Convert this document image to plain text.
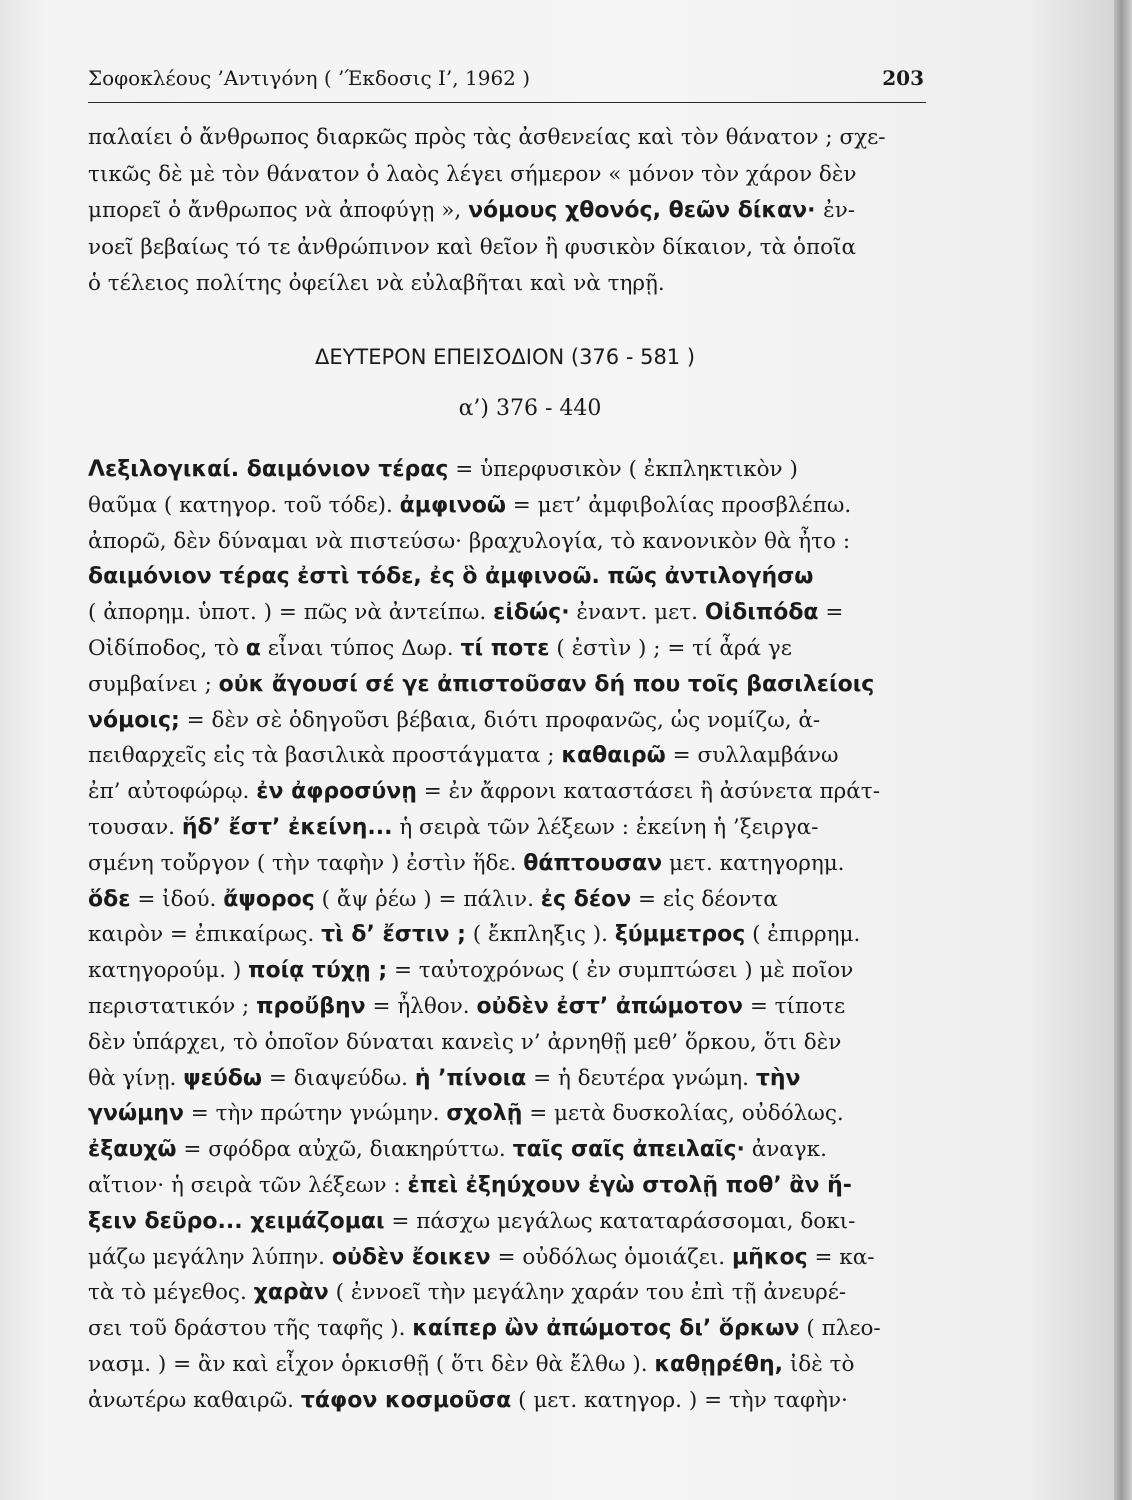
Σοφοκλέους ’Αντιγόνη ( ’Έκδοσις Ι’, 1962 )	203
παλαίει ὁ ἄνθρωπος διαρκῶς πρὸς τὰς ἀσθενείας καὶ τὸν θάνατον ; σχε-
τικῶς δὲ μὲ τὸν θάνατον ὁ λαὸς λέγει σήμερον « μόνον τὸν χάρον δὲν
μπορεῖ ὁ ἄνθρωπος νὰ ἀποφύγῃ », νόμους χθονός, θεῶν δίκαν· ἐν-
νοεῖ βεβαίως τό τε ἀνθρώπινον καὶ θεῖον ἢ φυσικὸν δίκαιον, τὰ ὁποῖα
ὁ τέλειος πολίτης ὀφείλει νὰ εὐλαβῆται καὶ νὰ τηρῇ.
ΔΕΥΤΕΡΟΝ ΕΠΕΙΣΟΔΙΟΝ (376 - 581 )
α’) 376 - 440
Λεξιλογικαί. δαιμόνιον τέρας = ὑπερφυσικὸν ( ἐκπληκτικὸν )
θαῦμα ( κατηγορ. τοῦ τόδε). ἀμφινοῶ = μετ’ ἀμφιβολίας προσβλέπω.
ἀπορῶ, δὲν δύναμαι νὰ πιστεύσω· βραχυλογία, τὸ κανονικὸν θὰ ἦτο :
δαιμόνιον τέρας ἐστὶ τόδε, ἐς ὃ ἀμφινοῶ. πῶς ἀντιλογήσω
( ἀπορημ. ὑποτ. ) = πῶς νὰ ἀντείπω. εἰδώς· ἐναντ. μετ. Οἰδιπόδα =
Οἰδίποδος, τὸ α εἶναι τύπος Δωρ. τί ποτε ( ἐστὶν ) ; = τί ἆρά γε
συμβαίνει ; οὐκ ἄγουσί σέ γε ἀπιστοῦσαν δή που τοῖς βασιλείοις
νόμοις; = δὲν σὲ ὁδηγοῦσι βέβαια, διότι προφανῶς, ὡς νομίζω, ἀ-
πειθαρχεῖς εἰς τὰ βασιλικὰ προστάγματα ; καθαιρῶ = συλλαμβάνω
ἐπ’ αὐτοφώρῳ. ἐν ἀφροσύνῃ = ἐν ἄφρονι καταστάσει ἢ ἀσύνετα πράτ-
τουσαν. ἥδ’ ἔστ’ ἐκείνη... ἡ σειρὰ τῶν λέξεων : ἐκείνη ἡ ’ξειργα-
σμένη τοὔργον ( τὴν ταφὴν ) ἐστὶν ἥδε. θάπτουσαν μετ. κατηγορημ.
ὅδε = ἰδού. ἄψορος ( ἄψ ῥέω ) = πάλιν. ἐς δέον = εἰς δέοντα
καιρὸν = ἐπικαίρως. τὶ δ’ ἔστιν ; ( ἔκπληξις ). ξύμμετρος ( ἐπιρρημ.
κατηγορούμ. ) ποίᾳ τύχῃ ; = ταὐτοχρόνως ( ἐν συμπτώσει ) μὲ ποῖον
περιστατικόν ; προὔβην = ἦλθον. οὐδὲν ἐστ’ ἀπώμοτον = τίποτε
δὲν ὑπάρχει, τὸ ὁποῖον δύναται κανεὶς ν’ ἀρνηθῇ μεθ’ ὅρκου, ὅτι δὲν
θὰ γίνῃ. ψεύδω = διαψεύδω. ἡ ’πίνοια = ἡ δευτέρα γνώμη. τὴν
γνώμην = τὴν πρώτην γνώμην. σχολῇ = μετὰ δυσκολίας, οὐδόλως.
ἐξαυχῶ = σφόδρα αὐχῶ, διακηρύττω. ταῖς σαῖς ἀπειλαῖς· ἀναγκ.
αἴτιον· ἡ σειρὰ τῶν λέξεων : ἐπεὶ ἐξηύχουν ἐγὼ στολῇ ποθ’ ἂν ἥ-
ξειν δεῦρο... χειμάζομαι = πάσχω μεγάλως καταταράσσομαι, δοκι-
μάζω μεγάλην λύπην. οὐδὲν ἔοικεν = οὐδόλως ὁμοιάζει. μῆκος = κα-
τὰ τὸ μέγεθος. χαρὰν ( ἐννοεῖ τὴν μεγάλην χαράν του ἐπὶ τῇ ἀνευρέ-
σει τοῦ δράστου τῆς ταφῆς ). καίπερ ὢν ἀπώμοτος δι’ ὅρκων ( πλεο-
νασμ. ) = ἂν καὶ εἶχον ὁρκισθῇ ( ὅτι δὲν θὰ ἔλθω ). καθῃρέθη, ἰδὲ τὸ
ἀνωτέρω καθαιρῶ. τάφον κοσμοῦσα ( μετ. κατηγορ. ) = τὴν ταφὴν·
